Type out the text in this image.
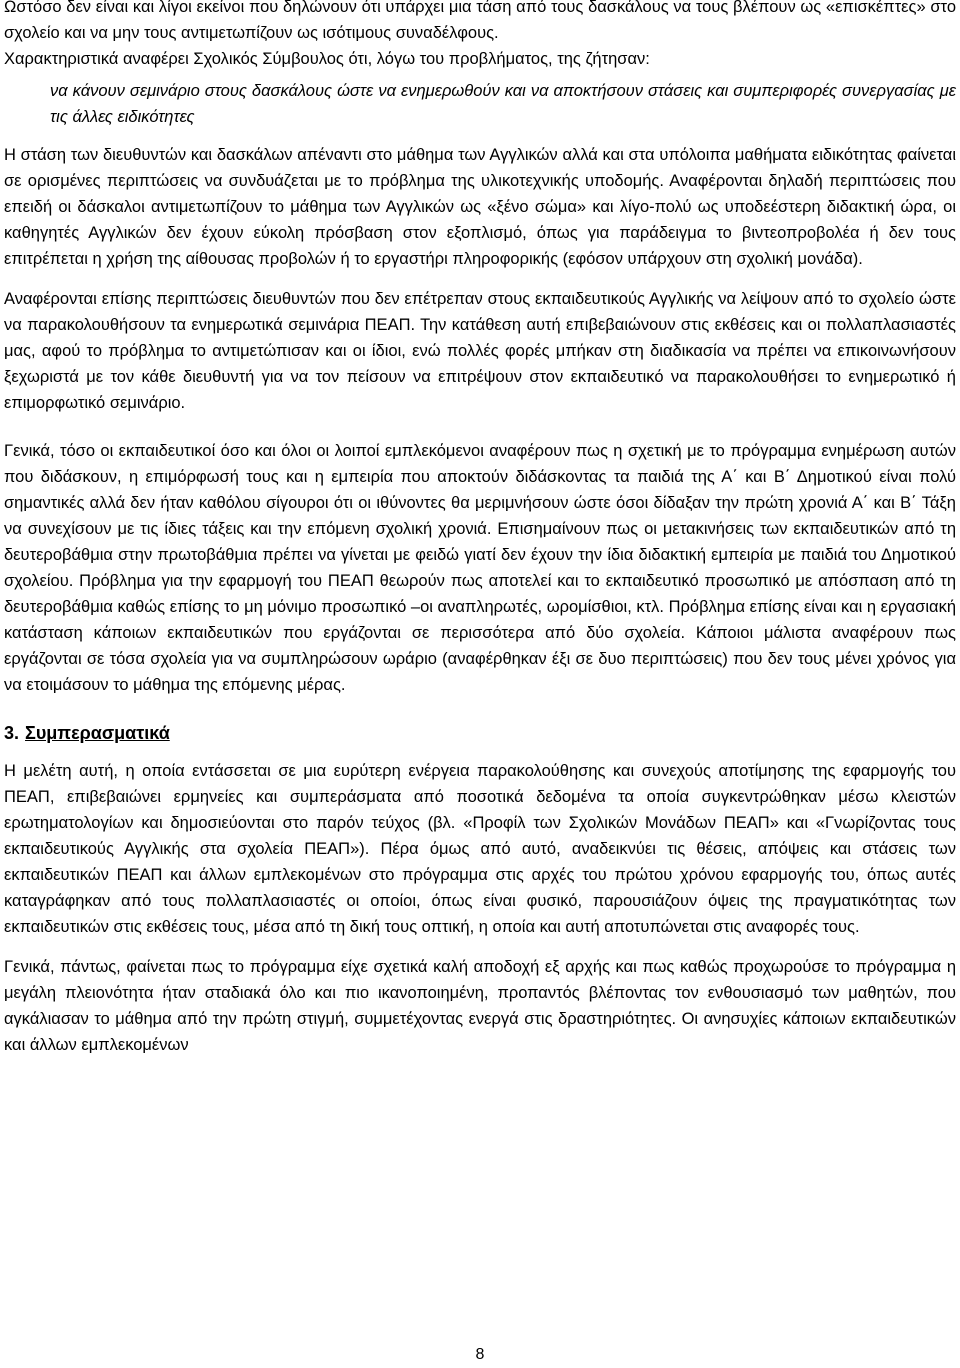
Ωστόσο δεν είναι και λίγοι εκείνοι που δηλώνουν ότι υπάρχει μια τάση από τους δασκάλους να τους βλέπουν ως «επισκέπτες» στο σχολείο και να μην τους αντιμετωπίζουν ως ισότιμους συναδέλφους.

Χαρακτηριστικά αναφέρει Σχολικός Σύμβουλος ότι, λόγω του προβλήματος, της ζήτησαν:

να κάνουν σεμινάριο στους δασκάλους ώστε να ενημερωθούν και να αποκτήσουν στάσεις και συμπεριφορές συνεργασίας με τις άλλες ειδικότητες

Η στάση των διευθυντών και δασκάλων απέναντι στο μάθημα των Αγγλικών αλλά και στα υπόλοιπα μαθήματα ειδικότητας φαίνεται σε ορισμένες περιπτώσεις να συνδυάζεται με το πρόβλημα της υλικοτεχνικής υποδομής. Αναφέρονται δηλαδή περιπτώσεις που επειδή οι δάσκαλοι αντιμετωπίζουν το μάθημα των Αγγλικών ως «ξένο σώμα» και λίγο-πολύ ως υποδεέστερη διδακτική ώρα, οι καθηγητές Αγγλικών δεν έχουν εύκολη πρόσβαση στον εξοπλισμό, όπως για παράδειγμα το βιντεοπροβολέα ή δεν τους επιτρέπεται η χρήση της αίθουσας προβολών ή το εργαστήρι πληροφορικής (εφόσον υπάρχουν στη σχολική μονάδα).

Αναφέρονται επίσης περιπτώσεις διευθυντών που δεν επέτρεπαν στους εκπαιδευτικούς Αγγλικής να λείψουν από το σχολείο ώστε να παρακολουθήσουν τα ενημερωτικά σεμινάρια ΠΕΑΠ. Την κατάθεση αυτή επιβεβαιώνουν στις εκθέσεις και οι πολλαπλασιαστές μας, αφού το πρόβλημα το αντιμετώπισαν και οι ίδιοι, ενώ πολλές φορές μπήκαν στη διαδικασία να πρέπει να επικοινωνήσουν ξεχωριστά με τον κάθε διευθυντή για να τον πείσουν να επιτρέψουν στον εκπαιδευτικό να παρακολουθήσει το ενημερωτικό ή επιμορφωτικό σεμινάριο.

Γενικά, τόσο οι εκπαιδευτικοί όσο και όλοι οι λοιποί εμπλεκόμενοι αναφέρουν πως η σχετική με το πρόγραμμα ενημέρωση αυτών που διδάσκουν, η επιμόρφωσή τους και η εμπειρία που αποκτούν διδάσκοντας τα παιδιά της Α΄ και Β΄ Δημοτικού είναι πολύ σημαντικές αλλά δεν ήταν καθόλου σίγουροι ότι οι ιθύνοντες θα μεριμνήσουν ώστε όσοι δίδαξαν την πρώτη χρονιά Α΄ και Β΄ Τάξη να συνεχίσουν με τις ίδιες τάξεις και την επόμενη σχολική χρονιά. Επισημαίνουν πως οι μετακινήσεις των εκπαιδευτικών από τη δευτεροβάθμια στην πρωτοβάθμια πρέπει να γίνεται με φειδώ γιατί δεν έχουν την ίδια διδακτική εμπειρία με παιδιά του Δημοτικού σχολείου. Πρόβλημα για την εφαρμογή του ΠΕΑΠ θεωρούν πως αποτελεί και το εκπαιδευτικό προσωπικό με απόσπαση από τη δευτεροβάθμια καθώς επίσης το μη μόνιμο προσωπικό –οι αναπληρωτές, ωρομίσθιοι, κτλ. Πρόβλημα επίσης είναι και η εργασιακή κατάσταση κάποιων εκπαιδευτικών που εργάζονται σε περισσότερα από δύο σχολεία. Κάποιοι μάλιστα αναφέρουν πως εργάζονται σε τόσα σχολεία για να συμπληρώσουν ωράριο (αναφέρθηκαν έξι σε δυο περιπτώσεις) που δεν τους μένει χρόνος για να ετοιμάσουν το μάθημα της επόμενης μέρας.

3. Συμπερασματικά

Η μελέτη αυτή, η οποία εντάσσεται σε μια ευρύτερη ενέργεια παρακολούθησης και συνεχούς αποτίμησης της εφαρμογής του ΠΕΑΠ, επιβεβαιώνει ερμηνείες και συμπεράσματα από ποσοτικά δεδομένα τα οποία συγκεντρώθηκαν μέσω κλειστών ερωτηματολογίων και δημοσιεύονται στο παρόν τεύχος (βλ. «Προφίλ των Σχολικών Μονάδων ΠΕΑΠ» και «Γνωρίζοντας τους εκπαιδευτικούς Αγγλικής στα σχολεία ΠΕΑΠ»). Πέρα όμως από αυτό, αναδεικνύει τις θέσεις, απόψεις και στάσεις των εκπαιδευτικών ΠΕΑΠ και άλλων εμπλεκομένων στο πρόγραμμα στις αρχές του πρώτου χρόνου εφαρμογής του, όπως αυτές καταγράφηκαν από τους πολλαπλασιαστές οι οποίοι, όπως είναι φυσικό, παρουσιάζουν όψεις της πραγματικότητας των εκπαιδευτικών στις εκθέσεις τους, μέσα από τη δική τους οπτική, η οποία και αυτή αποτυπώνεται στις αναφορές τους.

Γενικά, πάντως, φαίνεται πως το πρόγραμμα είχε σχετικά καλή αποδοχή εξ αρχής και πως καθώς προχωρούσε το πρόγραμμα η μεγάλη πλειονότητα ήταν σταδιακά όλο και πιο ικανοποιημένη, προπαντός βλέποντας τον ενθουσιασμό των μαθητών, που αγκάλιασαν το μάθημα από την πρώτη στιγμή, συμμετέχοντας ενεργά στις δραστηριότητες. Οι ανησυχίες κάποιων εκπαιδευτικών και άλλων εμπλεκομένων

8
